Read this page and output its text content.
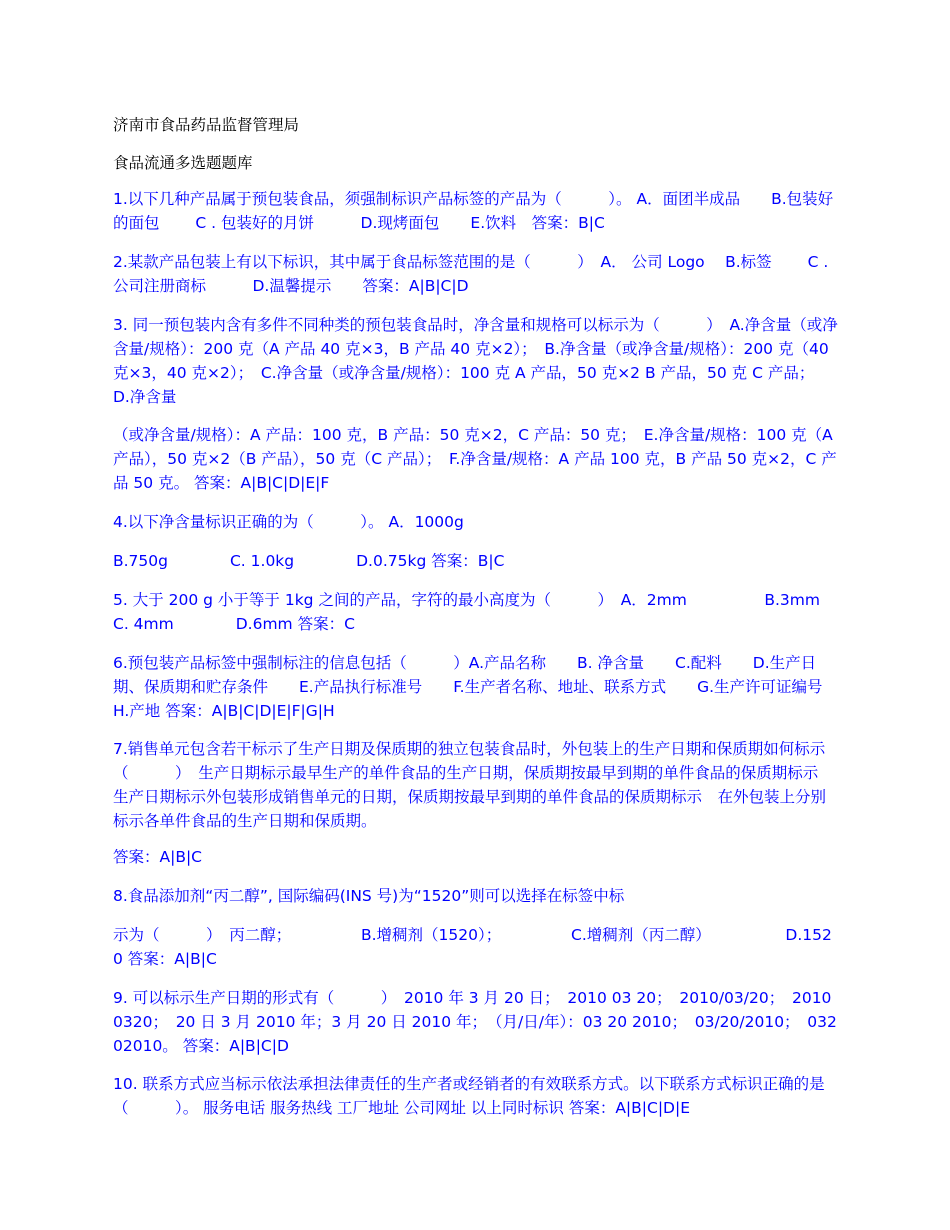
济南市食品药品监督管理局
食品流通多选题题库
1.以下几种产品属于预包装食品，须强制标识产品标签的产品为（　　　）。 A．面团半成品　　B.包装好的面包　　 C . 包装好的月饼　　　D.现烤面包　　E.饮料　答案：B|C
2.某款产品包装上有以下标识，其中属于食品标签范围的是（　　　）　A． 公司 Logo　 B.标签　　 C . 公司注册商标　　　D.温馨提示　　答案：A|B|C|D
3. 同一预包装内含有多件不同种类的预包装食品时，净含量和规格可以标示为（　　　）　A.净含量（或净含量/规格）：200 克（A 产品 40 克×3，B 产品 40 克×2）；　B.净含量（或净含量/规格）：200 克（40 克×3，40 克×2）；　C.净含量（或净含量/规格）：100 克 A 产品，50 克×2 B 产品，50 克 C 产品；　D.净含量
（或净含量/规格）：A 产品：100 克，B 产品：50 克×2，C 产品：50 克；　E.净含量/规格：100 克（A 产品），50 克×2（B 产品），50 克（C 产品）；　F.净含量/规格：A 产品 100 克，B 产品 50 克×2，C 产品 50 克。 答案：A|B|C|D|E|F
4.以下净含量标识正确的为（　　　）。 A．1000g
B.750g　　　　C. 1.0kg　　　　D.0.75kg 答案：B|C
5. 大于 200 g 小于等于 1kg 之间的产品，字符的最小高度为（　　　）　A．2mm　　　　　B.3mm　　　　 C. 4mm　　　　D.6mm 答案：C
6.预包装产品标签中强制标注的信息包括（　　　）A.产品名称　　B. 净含量　　C.配料　　D.生产日期、保质期和贮存条件　　E.产品执行标准号　　F.生产者名称、地址、联系方式　　G.生产许可证编号　　H.产地 答案：A|B|C|D|E|F|G|H
7.销售单元包含若干标示了生产日期及保质期的独立包装食品时，外包装上的生产日期和保质期如何标示（　　　）　生产日期标示最早生产的单件食品的生产日期，保质期按最早到期的单件食品的保质期标示　生产日期标示外包装形成销售单元的日期，保质期按最早到期的单件食品的保质期标示　在外包装上分别标示各单件食品的生产日期和保质期。
答案：A|B|C
8.食品添加剂“丙二醇”, 国际编码(INS 号)为“1520”则可以选择在标签中标
示为（　　　）　丙二醇；　　　　　B.增稠剂（1520）；　　　　　C.增稠剂（丙二醇）　　　　　 D.1520 答案：A|B|C
9. 可以标示生产日期的形式有（　　　）　2010 年 3 月 20 日；　2010 03 20；　2010/03/20；　20100320；　20 日 3 月 2010 年；3 月 20 日 2010 年；　（月/日/年）：03 20 2010；　03/20/2010；　03202010。 答案：A|B|C|D
10. 联系方式应当标示依法承担法律责任的生产者或经销者的有效联系方式。以下联系方式标识正确的是（　　　）。 服务电话 服务热线 工厂地址 公司网址 以上同时标识 答案：A|B|C|D|E
